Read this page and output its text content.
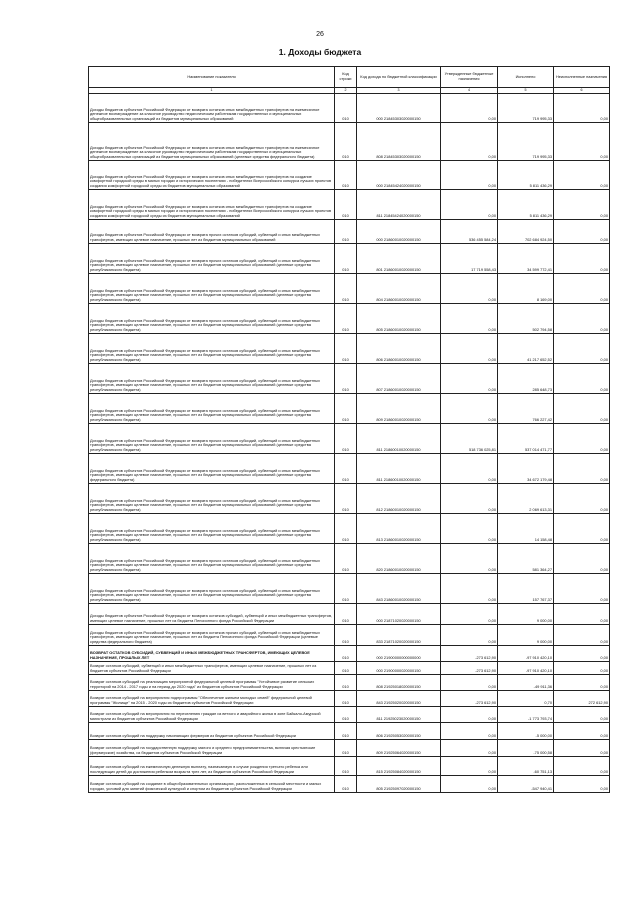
26
1. Доходы бюджета
Наименование показателя	Код строки	Код дохода по бюджетной классификации	Утвержденные бюджетные назначения	Исполнено	Неисполненные назначения
1	2	3	4	5	6
Доходы бюджетов субъектов Российской Федерации от возврата остатков иных межбюджетных трансфертов на ежемесячное денежное вознаграждение за классное руководство педагогическим работникам государственных и муниципальных общеобразовательных организаций из бюджетов муниципальных образований	010	000 21845303020000150	0,00	719 995,33	0,00
Доходы бюджетов субъектов Российской Федерации от возврата остатков иных межбюджетных трансфертов на ежемесячное денежное вознаграждение за классное руководство педагогическим работникам государственных и муниципальных общеобразовательных организаций из бюджетов муниципальных образований (целевые средства федерального бюджета)	010	808 21845303020000150	0,00	719 995,33	0,00
Доходы бюджетов субъектов Российской Федерации от возврата остатков иных межбюджетных трансфертов на создание комфортной городской среды в малых городах и исторических поселениях - победителях Всероссийского конкурса лучших проектов создания комфортной городской среды из бюджетов муниципальных образований	010	000 21845424020000150	0,00	5 811 436,29	0,00
Доходы бюджетов субъектов Российской Федерации от возврата остатков иных межбюджетных трансфертов на создание комфортной городской среды в малых городах и исторических поселениях - победителях Всероссийского конкурса лучших проектов создания комфортной городской среды из бюджетов муниципальных образований	010	811 21845424020000150	0,00	5 811 436,29	0,00
Доходы бюджетов субъектов Российской Федерации от возврата прочих остатков субсидий, субвенций и иных межбюджетных трансфертов, имеющих целевое назначение, прошлых лет из бюджетов муниципальных образований	010	000 21860010020000150	536 455 584,24	702 684 924,50	0,00
Доходы бюджетов субъектов Российской Федерации от возврата прочих остатков субсидий, субвенций и иных межбюджетных трансфертов, имеющих целевое назначение, прошлых лет из бюджетов муниципальных образований (целевые средства республиканского бюджета)	010	801 21860010020000150	17 719 558,43	34 599 772,41	0,00
Доходы бюджетов субъектов Российской Федерации от возврата прочих остатков субсидий, субвенций и иных межбюджетных трансфертов, имеющих целевое назначение, прошлых лет из бюджетов муниципальных образований (целевые средства республиканского бюджета)	010	804 21860010020000150	0,00	8 169,00	0,00
Доходы бюджетов субъектов Российской Федерации от возврата прочих остатков субсидий, субвенций и иных межбюджетных трансфертов, имеющих целевое назначение, прошлых лет из бюджетов муниципальных образований (целевые средства республиканского бюджета)	010	805 21860010020000150	0,00	502 794,58	0,00
Доходы бюджетов субъектов Российской Федерации от возврата прочих остатков субсидий, субвенций и иных межбюджетных трансфертов, имеющих целевое назначение, прошлых лет из бюджетов муниципальных образований (целевые средства республиканского бюджета)	010	806 21860010020000150	0,00	41 217 652,52	0,00
Доходы бюджетов субъектов Российской Федерации от возврата прочих остатков субсидий, субвенций и иных межбюджетных трансфертов, имеющих целевое назначение, прошлых лет из бюджетов муниципальных образований (целевые средства республиканского бюджета)	010	807 21860010020000150	0,00	285 648,73	0,00
Доходы бюджетов субъектов Российской Федерации от возврата прочих остатков субсидий, субвенций и иных межбюджетных трансфертов, имеющих целевое назначение, прошлых лет из бюджетов муниципальных образований (целевые средства республиканского бюджета)	010	809 21860010020000150	0,00	766 227,42	0,00
Доходы бюджетов субъектов Российской Федерации от возврата прочих остатков субсидий, субвенций и иных межбюджетных трансфертов, имеющих целевое назначение, прошлых лет из бюджетов муниципальных образований (целевые средства республиканского бюджета)	010	811 21860010020000150	518 736 025,81	537 014 471,77	0,00
Доходы бюджетов субъектов Российской Федерации от возврата прочих остатков субсидий, субвенций и иных межбюджетных трансфертов, имеющих целевое назначение, прошлых лет из бюджетов муниципальных образований (целевые средства федерального бюджета)	010	811 21860010020000150	0,00	34 672 179,48	0,00
Доходы бюджетов субъектов Российской Федерации от возврата прочих остатков субсидий, субвенций и иных межбюджетных трансфертов, имеющих целевое назначение, прошлых лет из бюджетов муниципальных образований (целевые средства республиканского бюджета)	010	812 21860010020000150	0,00	2 069 613,31	0,00
Доходы бюджетов субъектов Российской Федерации от возврата прочих остатков субсидий, субвенций и иных межбюджетных трансфертов, имеющих целевое назначение, прошлых лет из бюджетов муниципальных образований (целевые средства республиканского бюджета)	010	813 21860010020000150	0,00	14 158,48	0,00
Доходы бюджетов субъектов Российской Федерации от возврата прочих остатков субсидий, субвенций и иных межбюджетных трансфертов, имеющих целевое назначение, прошлых лет из бюджетов муниципальных образований (целевые средства республиканского бюджета)	010	820 21860010020000150	0,00	581 364,27	0,00
Доходы бюджетов субъектов Российской Федерации от возврата прочих остатков субсидий, субвенций и иных межбюджетных трансфертов, имеющих целевое назначение, прошлых лет из бюджетов муниципальных образований (целевые средства республиканского бюджета)	010	843 21860010020000150	0,00	157 767,37	0,00
Доходы бюджетов субъектов Российской Федерации от возврата остатков субсидий, субвенций и иных межбюджетных трансфертов, имеющих целевое назначение, прошлых лет из бюджета Пенсионного фонда Российской Федерации	010	000 21871020020000150	0,00	9 000,00	0,00
Доходы бюджетов субъектов Российской Федерации от возврата остатков прочих субсидий, субвенций и иных межбюджетных трансфертов, имеющих целевое назначение, прошлых лет из бюджета Пенсионного фонда Российской Федерации (целевые средства федерального бюджета)	010	833 21871020020000150	0,00	9 000,00	0,00
ВОЗВРАТ ОСТАТКОВ СУБСИДИЙ, СУБВЕНЦИЙ И ИНЫХ МЕЖБЮДЖЕТНЫХ ТРАНСФЕРТОВ, ИМЕЮЩИХ ЦЕЛЕВОЕ НАЗНАЧЕНИЕ, ПРОШЛЫХ ЛЕТ	010	000 21900000000000000	-273 612,90	-97 910 420,10	0,00
Возврат остатков субсидий, субвенций и иных межбюджетных трансфертов, имеющих целевое назначение, прошлых лет из бюджетов субъектов Российской Федерации	010	000 21900000020000150	-273 612,90	-97 910 420,10	0,00
Возврат остатков субсидий на реализацию мероприятий федеральной целевой программы "Устойчивое развитие сельских территорий на 2014 - 2017 годы и на период до 2020 года" из бюджетов субъектов Российской Федерации	010	808 21925018020000150	0,00	-49 911,36	0,00
Возврат остатков субсидий на мероприятия подпрограммы "Обеспечение жильем молодых семей" федеральной целевой программы "Жилище" на 2015 - 2020 годы из бюджетов субъектов Российской Федерации	010	843 21925020020000150	-273 612,90	0,70	272 612,90
Возврат остатков субсидий на мероприятия по переселению граждан из ветхого и аварийного жилья в зоне Байкало-Амурской магистрали из бюджетов субъектов Российской Федерации	010	811 21925023020000150	0,00	-1 773 793,74	0,00
Возврат остатков субсидий на поддержку начинающих фермеров из бюджетов субъектов Российской Федерации	010	806 21925053020000150	0,00	-5 000,00	0,00
Возврат остатков субсидий на государственную поддержку малого и среднего предпринимательства, включая крестьянские (фермерские) хозяйства, из бюджетов субъектов Российской Федерации	010	809 21925064020000150	0,00	-75 000,58	0,00
Возврат остатков субсидий на ежемесячную денежную выплату, назначаемую в случае рождения третьего ребенка или последующих детей до достижения ребенком возраста трех лет, из бюджетов субъектов Российской Федерации	010	815 21925084020000150	0,00	-60 751,13	0,00
Возврат остатков субсидий на создание в общеобразовательных организациях, расположенных в сельской местности и малых городах, условий для занятий физической культурой и спортом из бюджетов субъектов Российской Федерации	010	805 21925097020000150	0,00	-547 940,41	0,00
